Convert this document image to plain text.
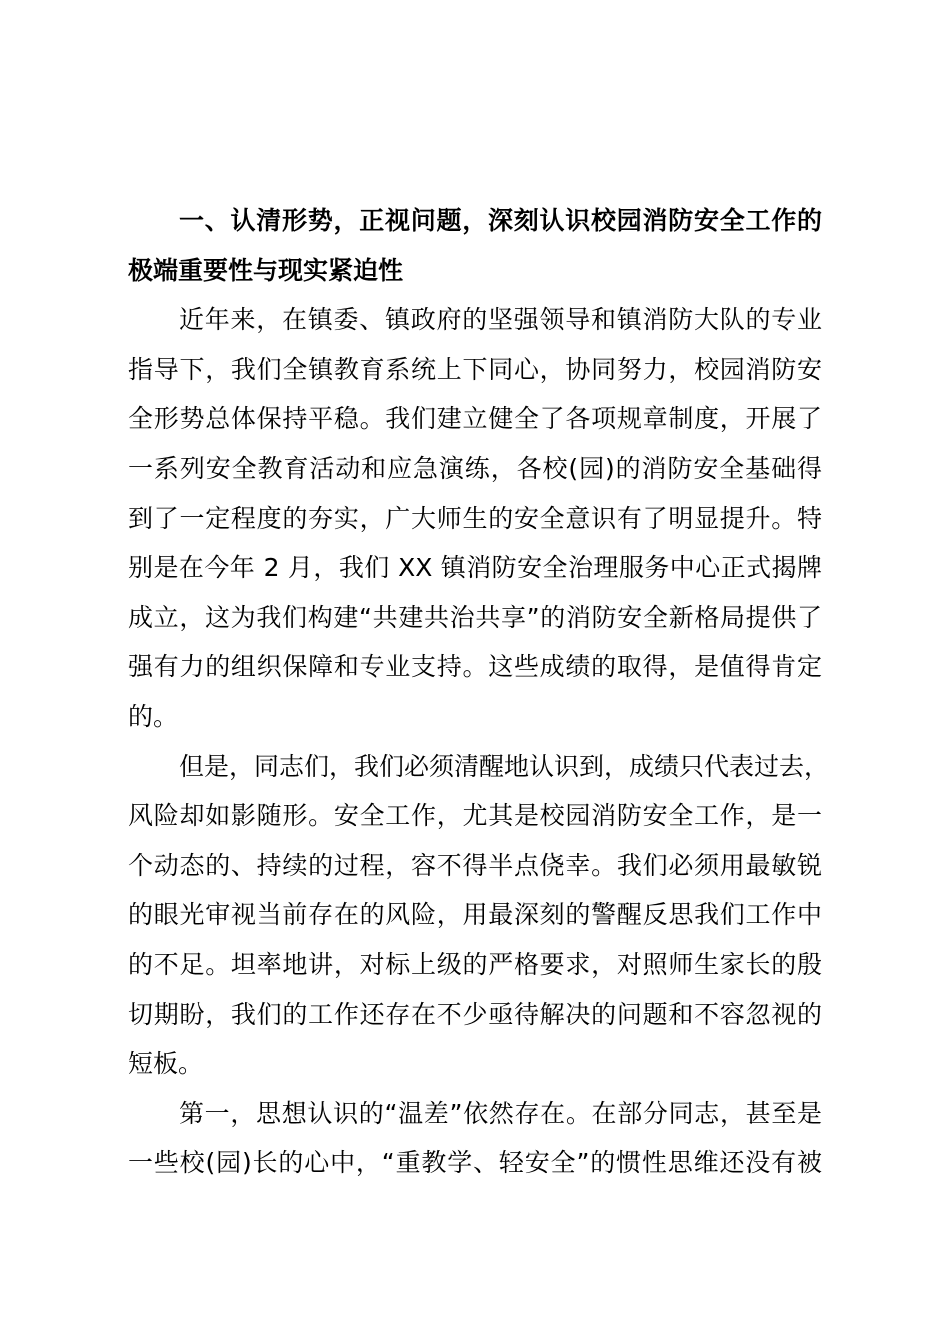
一、认清形势，正视问题，深刻认识校园消防安全工作的
极端重要性与现实紧迫性
近年来，在镇委、镇政府的坚强领导和镇消防大队的专业
指导下，我们全镇教育系统上下同心，协同努力，校园消防安
全形势总体保持平稳。我们建立健全了各项规章制度，开展了
一系列安全教育活动和应急演练，各校(园)的消防安全基础得
到了一定程度的夯实，广大师生的安全意识有了明显提升。特
别是在今年 2 月，我们 XX 镇消防安全治理服务中心正式揭牌
成立，这为我们构建“共建共治共享”的消防安全新格局提供了
强有力的组织保障和专业支持。这些成绩的取得，是值得肯定
的。
但是，同志们，我们必须清醒地认识到，成绩只代表过去，
风险却如影随形。安全工作，尤其是校园消防安全工作，是一
个动态的、持续的过程，容不得半点侥幸。我们必须用最敏锐
的眼光审视当前存在的风险，用最深刻的警醒反思我们工作中
的不足。坦率地讲，对标上级的严格要求，对照师生家长的殷
切期盼，我们的工作还存在不少亟待解决的问题和不容忽视的
短板。
第一，思想认识的“温差”依然存在。在部分同志，甚至是
一些校(园)长的心中，“重教学、轻安全”的惯性思维还没有被
